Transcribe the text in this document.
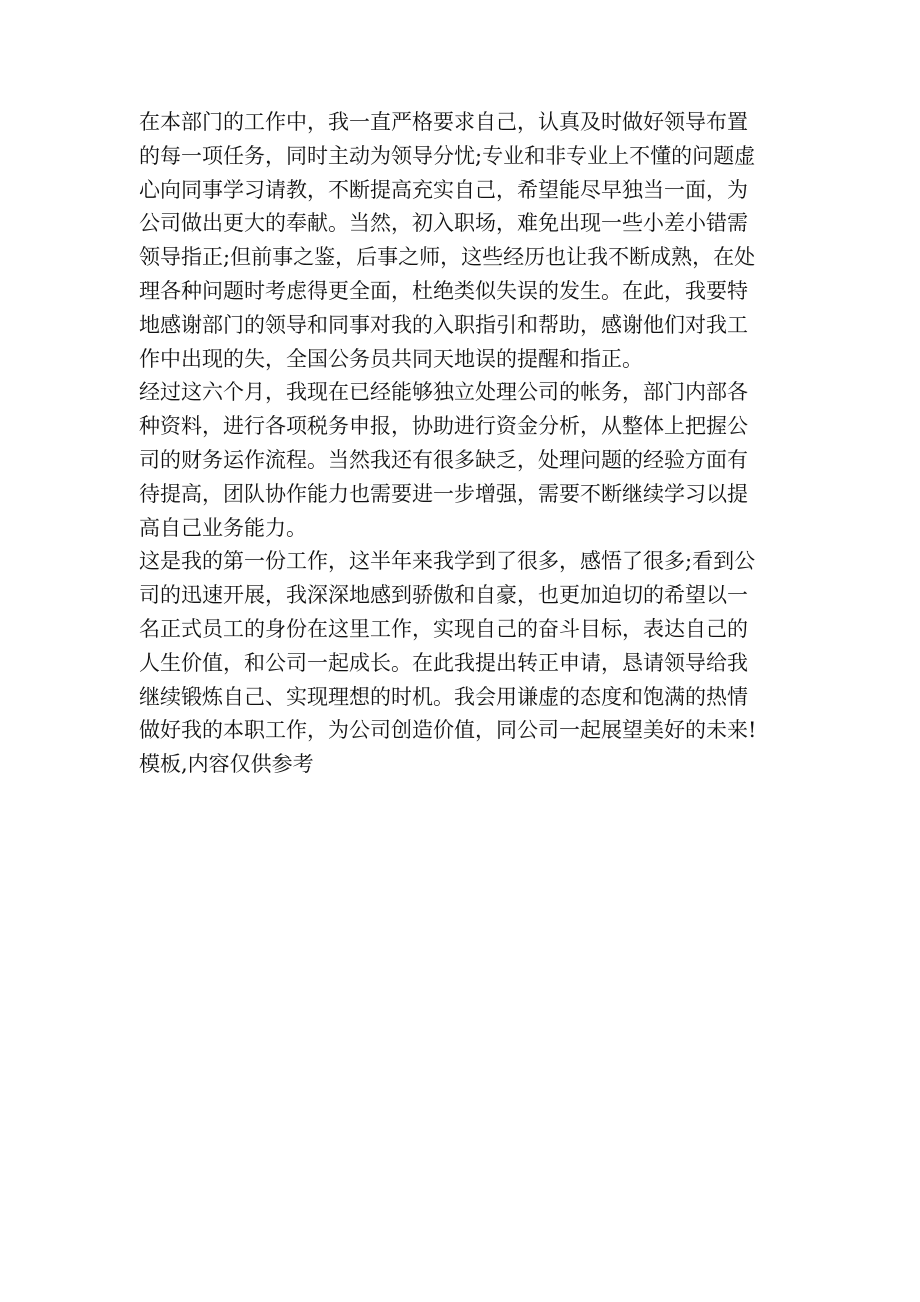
在本部门的工作中，我一直严格要求自己，认真及时做好领导布置
的每一项任务，同时主动为领导分忧;专业和非专业上不懂的问题虚
心向同事学习请教，不断提高充实自己，希望能尽早独当一面，为
公司做出更大的奉献。当然，初入职场，难免出现一些小差小错需
领导指正;但前事之鉴，后事之师，这些经历也让我不断成熟，在处
理各种问题时考虑得更全面，杜绝类似失误的发生。在此，我要特
地感谢部门的领导和同事对我的入职指引和帮助，感谢他们对我工
作中出现的失，全国公务员共同天地误的提醒和指正。
经过这六个月，我现在已经能够独立处理公司的帐务，部门内部各
种资料，进行各项税务申报，协助进行资金分析，从整体上把握公
司的财务运作流程。当然我还有很多缺乏，处理问题的经验方面有
待提高，团队协作能力也需要进一步增强，需要不断继续学习以提
高自己业务能力。
这是我的第一份工作，这半年来我学到了很多，感悟了很多;看到公
司的迅速开展，我深深地感到骄傲和自豪，也更加迫切的希望以一
名正式员工的身份在这里工作，实现自己的奋斗目标，表达自己的
人生价值，和公司一起成长。在此我提出转正申请，恳请领导给我
继续锻炼自己、实现理想的时机。我会用谦虚的态度和饱满的热情
做好我的本职工作，为公司创造价值，同公司一起展望美好的未来!
模板,内容仅供参考
